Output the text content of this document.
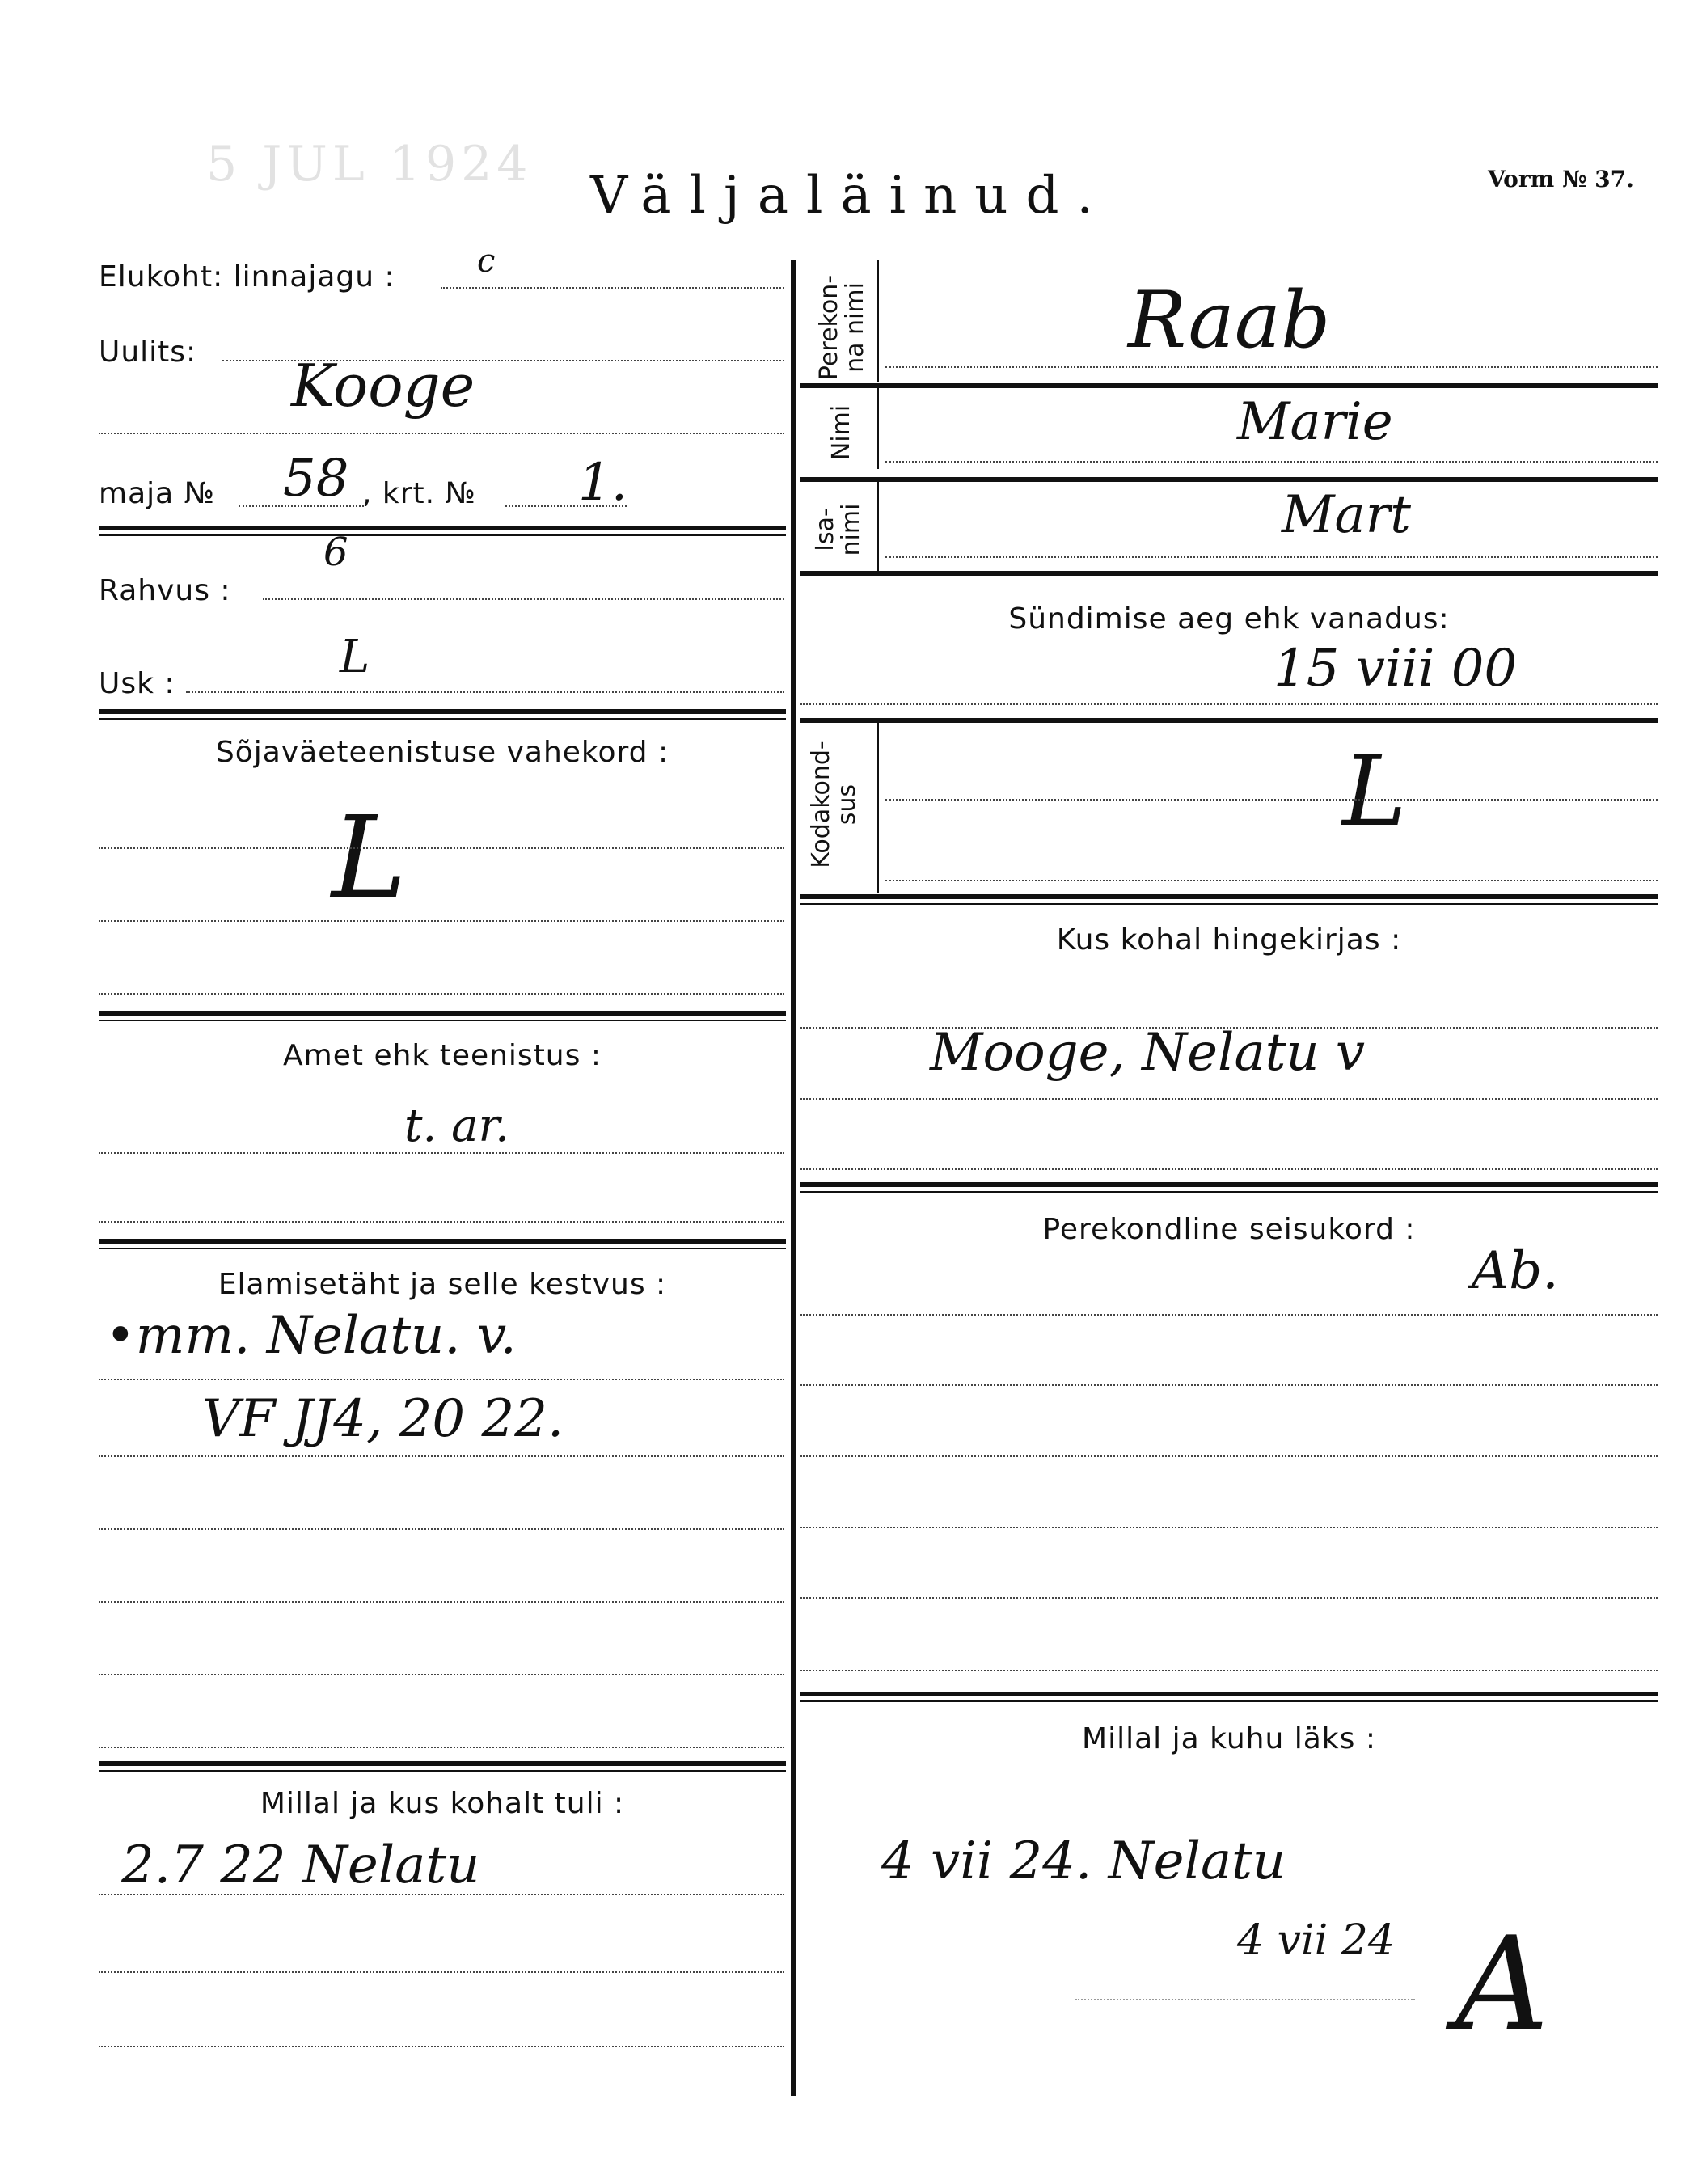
5 JUL 1924
Väljaläinud.	Vorm № 37.
Elukoht: linnajagu :	c
Uulits: Kooge
maja № 58 , krt. № 1.
Rahvus :
6
Usk :
L
Sõjaväeteenistuse vahekord :
L
Amet ehk teenistus :
t. ar.
Elamisetäht ja selle kestvus :
•mm. Nelatu. v.
VF JJ4, 20 22.
Millal ja kus kohalt tuli :
2.7 22 Nelatu
Perekon-
na nimi	Raab
Nimi	Marie
Isa-
nimi	Mart
Sündimise aeg ehk vanadus:
15 viii 00
Kodakond-
sus	L
Kus kohal hingekirjas :
Mooge, Nelatu v
Perekondline seisukord :
Ab.
Millal ja kuhu läks :
4 vii 24. Nelatu
4 vii 24 A
